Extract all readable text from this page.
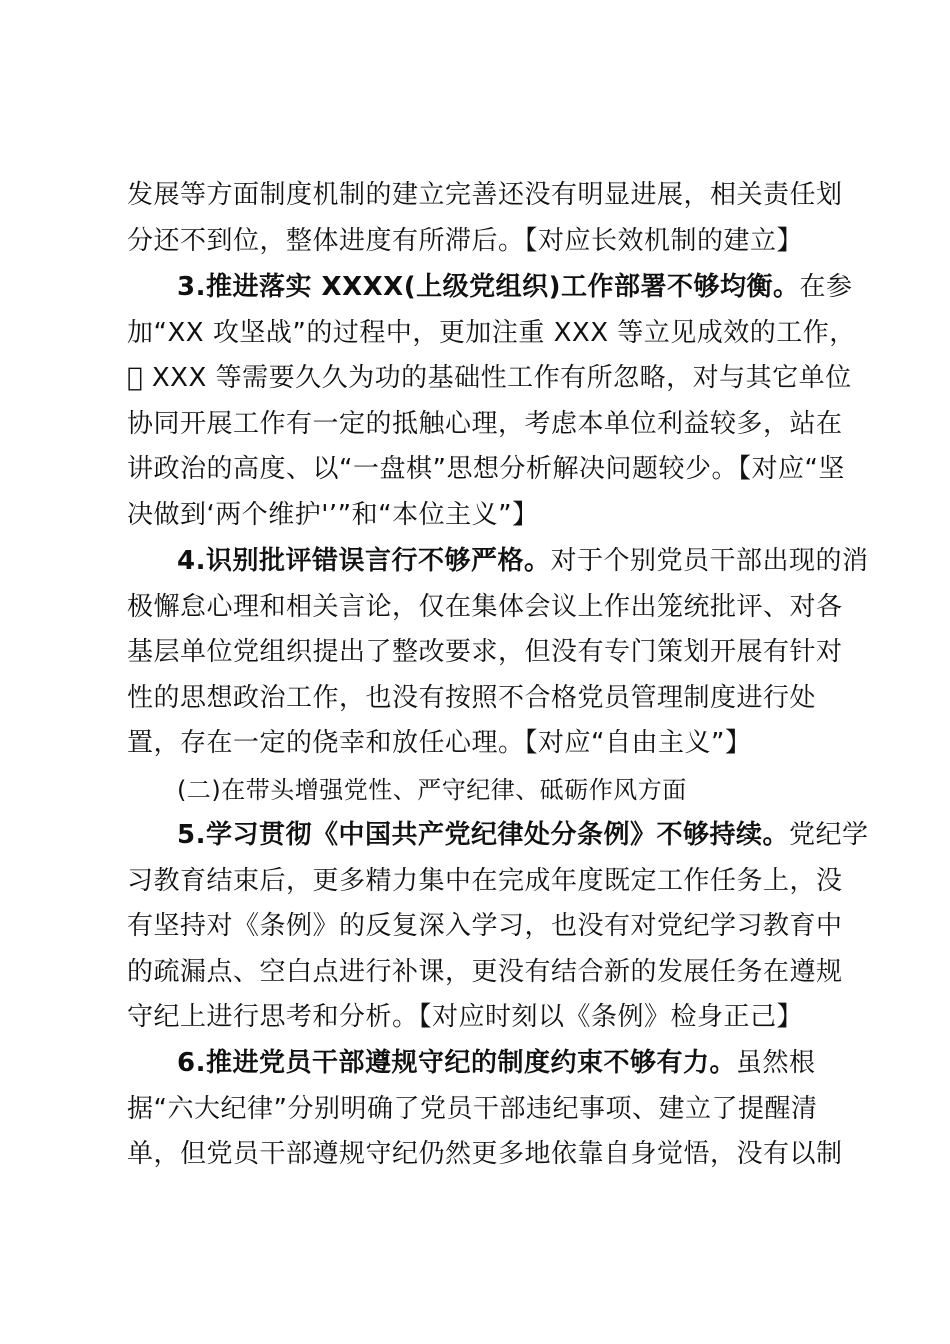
发展等方面制度机制的建立完善还没有明显进展，相关责任划
分还不到位，整体进度有所滞后。【对应长效机制的建立】
3.推进落实 XXXX(上级党组织)工作部署不够均衡。在参
加“XX 攻坚战”的过程中，更加注重 XXX 等立见成效的工作，
􀀀 XXX 等需要久久为功的基础性工作有所忽略，对与其它单位
协同开展工作有一定的抵触心理，考虑本单位利益较多，站在
讲政治的高度、以“一盘棋”思想分析解决问题较少。【对应“坚
决做到‘两个维护'’”和“本位主义”】
4.识别批评错误言行不够严格。对于个别党员干部出现的消
极懈怠心理和相关言论，仅在集体会议上作出笼统批评、对各
基层单位党组织提出了整改要求，但没有专门策划开展有针对
性的思想政治工作，也没有按照不合格党员管理制度进行处
置，存在一定的侥幸和放任心理。【对应“自由主义”】
(二)在带头增强党性、严守纪律、砥砺作风方面
5.学习贯彻《中国共产党纪律处分条例》不够持续。党纪学
习教育结束后，更多精力集中在完成年度既定工作任务上，没
有坚持对《条例》的反复深入学习，也没有对党纪学习教育中
的疏漏点、空白点进行补课，更没有结合新的发展任务在遵规
守纪上进行思考和分析。【对应时刻以《条例》检身正己】
6.推进党员干部遵规守纪的制度约束不够有力。虽然根
据“六大纪律”分别明确了党员干部违纪事项、建立了提醒清
单，但党员干部遵规守纪仍然更多地依靠自身觉悟，没有以制
